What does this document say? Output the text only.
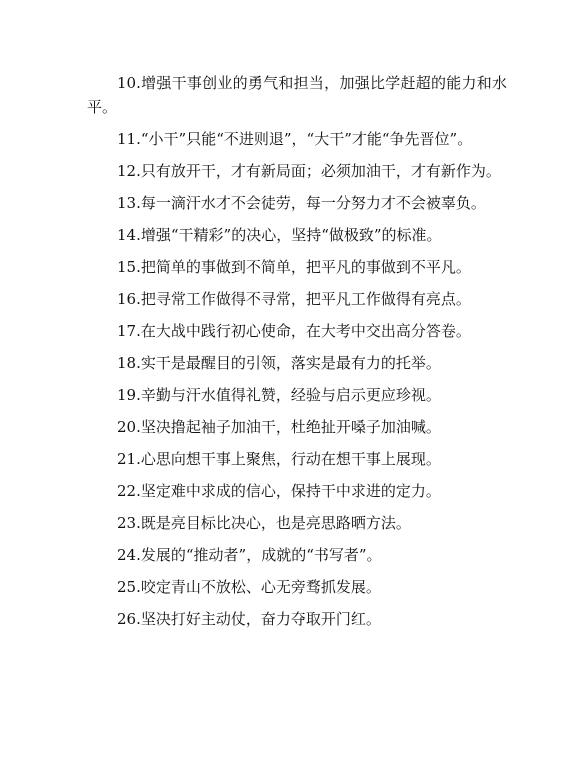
10.增强干事创业的勇气和担当，加强比学赶超的能力和水平。

11.“小干”只能“不进则退”，“大干”才能“争先晋位”。

12.只有放开干，才有新局面；必须加油干，才有新作为。

13.每一滴汗水才不会徒劳，每一分努力才不会被辜负。

14.增强“干精彩”的决心，坚持“做极致”的标准。

15.把简单的事做到不简单，把平凡的事做到不平凡。

16.把寻常工作做得不寻常，把平凡工作做得有亮点。

17.在大战中践行初心使命，在大考中交出高分答卷。

18.实干是最醒目的引领，落实是最有力的托举。

19.辛勤与汗水值得礼赞，经验与启示更应珍视。

20.坚决撸起袖子加油干，杜绝扯开嗓子加油喊。

21.心思向想干事上聚焦，行动在想干事上展现。

22.坚定难中求成的信心，保持干中求进的定力。

23.既是亮目标比决心，也是亮思路晒方法。

24.发展的“推动者”，成就的“书写者”。

25.咬定青山不放松、心无旁骛抓发展。

26.坚决打好主动仗，奋力夺取开门红。
